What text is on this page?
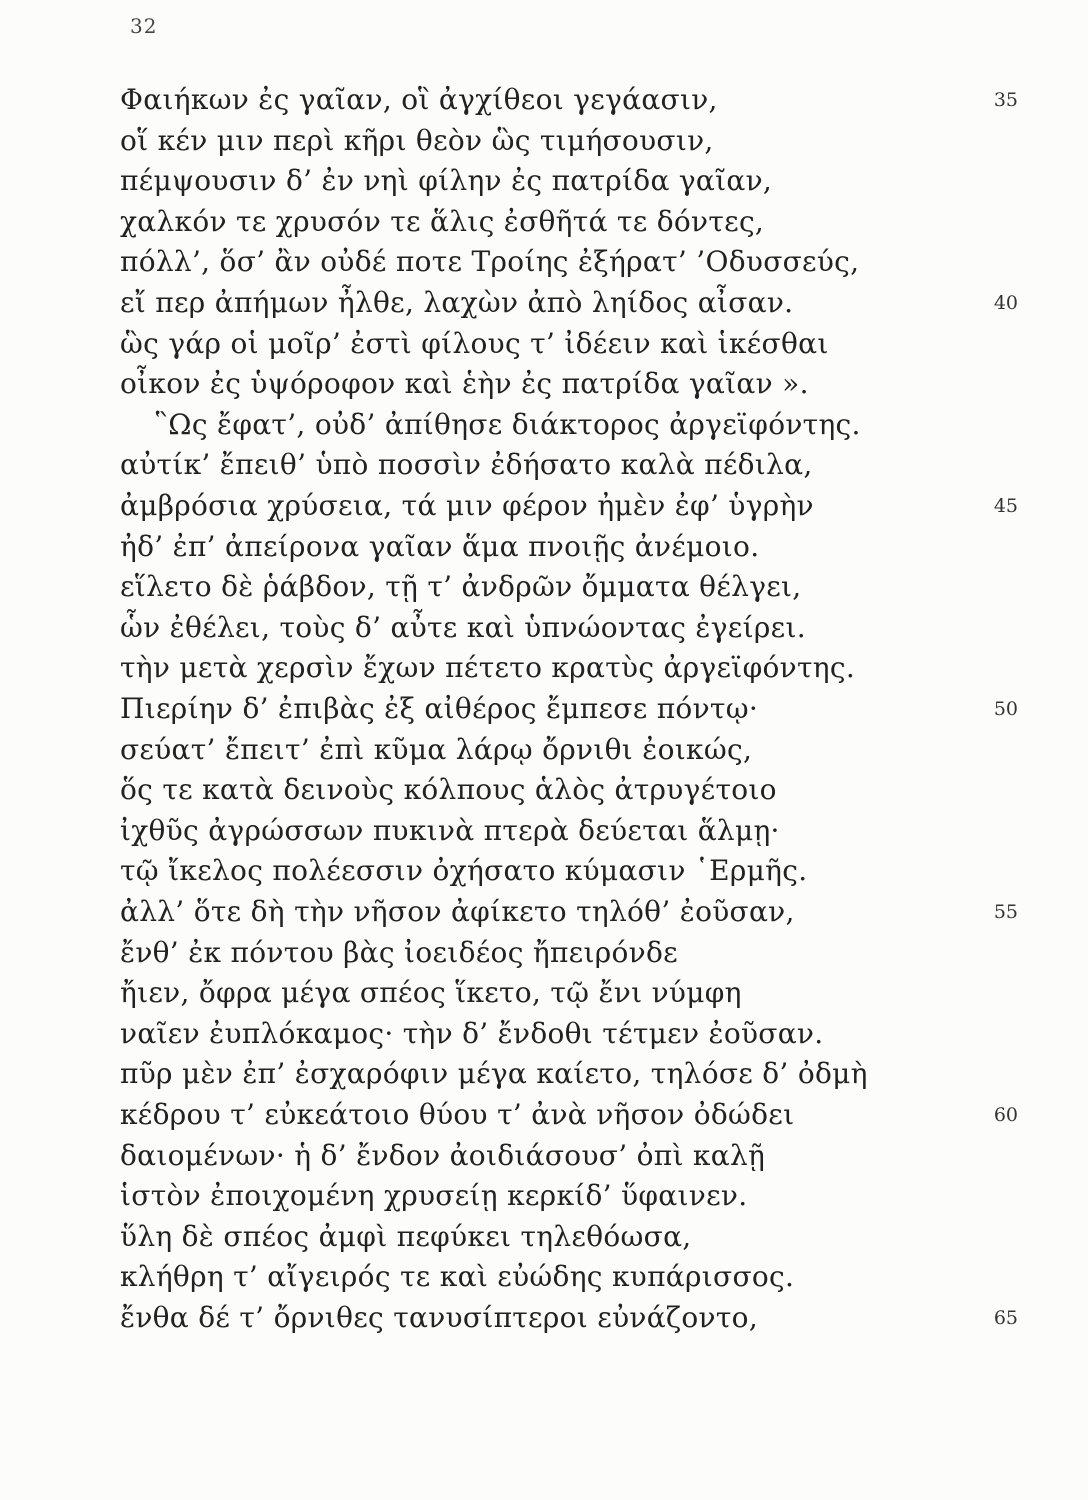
32
Φαιήκων ἐς γαῖαν, οἳ ἀγχίθεοι γεγάασιν,	35
οἵ κέν μιν περὶ κῆρι θεὸν ὣς τιμήσουσιν,
πέμψουσιν δ’ ἐν νηὶ φίλην ἐς πατρίδα γαῖαν,
χαλκόν τε χρυσόν τε ἅλις ἐσθῆτά τε δόντες,
πόλλ’, ὅσ’ ἂν οὐδέ ποτε Τροίης ἐξήρατ’ ’Οδυσσεύς,
εἴ περ ἀπήμων ἦλθε, λαχὼν ἀπὸ ληίδος αἶσαν.	40
ὣς γάρ οἱ μοῖρ’ ἐστὶ φίλους τ’ ἰδέειν καὶ ἱκέσθαι
οἶκον ἐς ὑψόροφον καὶ ἑὴν ἐς πατρίδα γαῖαν ».
῝Ως ἔφατ’, οὐδ’ ἀπίθησε διάκτορος ἀργεϊφόντης.
αὐτίκ’ ἔπειθ’ ὑπὸ ποσσὶν ἐδήσατο καλὰ πέδιλα,
ἀμβρόσια χρύσεια, τά μιν φέρον ἠμὲν ἐφ’ ὑγρὴν	45
ἠδ’ ἐπ’ ἀπείρονα γαῖαν ἅμα πνοιῇς ἀνέμοιο.
εἵλετο δὲ ῥάβδον, τῇ τ’ ἀνδρῶν ὄμματα θέλγει,
ὧν ἐθέλει, τοὺς δ’ αὖτε καὶ ὑπνώοντας ἐγείρει.
τὴν μετὰ χερσὶν ἔχων πέτετο κρατὺς ἀργεϊφόντης.
Πιερίην δ’ ἐπιβὰς ἐξ αἰθέρος ἔμπεσε πόντῳ·	50
σεύατ’ ἔπειτ’ ἐπὶ κῦμα λάρῳ ὄρνιθι ἐοικώς,
ὅς τε κατὰ δεινοὺς κόλπους ἁλὸς ἀτρυγέτοιο
ἰχθῦς ἀγρώσσων πυκινὰ πτερὰ δεύεται ἅλμῃ·
τῷ ἴκελος πολέεσσιν ὀχήσατο κύμασιν ῾Ερμῆς.
ἀλλ’ ὅτε δὴ τὴν νῆσον ἀφίκετο τηλόθ’ ἐοῦσαν,	55
ἔνθ’ ἐκ πόντου βὰς ἰοειδέος ἤπειρόνδε
ἤιεν, ὄφρα μέγα σπέος ἵκετο, τῷ ἔνι νύμφη
ναῖεν ἐυπλόκαμος· τὴν δ’ ἔνδοθι τέτμεν ἐοῦσαν.
πῦρ μὲν ἐπ’ ἐσχαρόφιν μέγα καίετο, τηλόσε δ’ ὀδμὴ
κέδρου τ’ εὐκεάτοιο θύου τ’ ἀνὰ νῆσον ὀδώδει	60
δαιομένων· ἡ δ’ ἔνδον ἀοιδιάσουσ’ ὀπὶ καλῇ
ἱστὸν ἐποιχομένη χρυσείῃ κερκίδ’ ὕφαινεν.
ὕλη δὲ σπέος ἀμφὶ πεφύκει τηλεθόωσα,
κλήθρη τ’ αἴγειρός τε καὶ εὐώδης κυπάρισσος.
ἔνθα δέ τ’ ὄρνιθες τανυσίπτεροι εὐνάζοντο,	65
